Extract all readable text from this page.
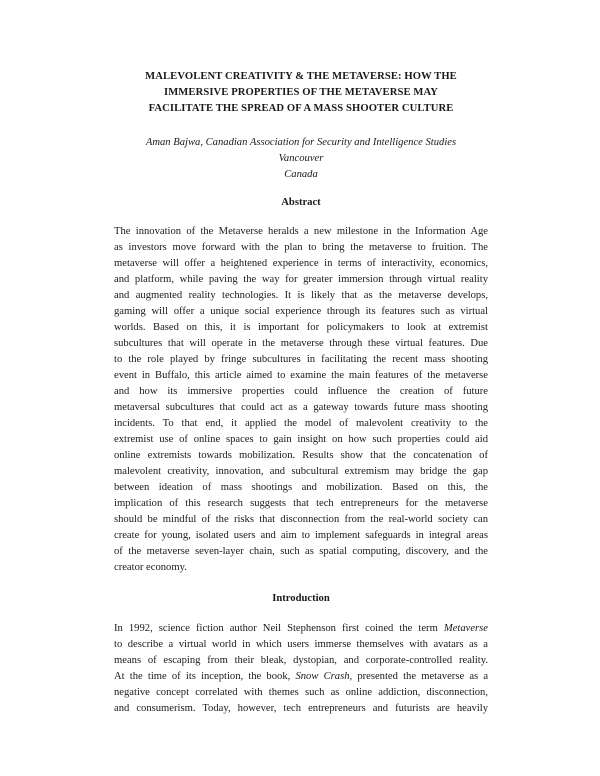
MALEVOLENT CREATIVITY & THE METAVERSE: HOW THE
IMMERSIVE PROPERTIES OF THE METAVERSE MAY
FACILITATE THE SPREAD OF A MASS SHOOTER CULTURE
Aman Bajwa, Canadian Association for Security and Intelligence Studies
Vancouver
Canada
Abstract
The innovation of the Metaverse heralds a new milestone in the Information Age
as investors move forward with the plan to bring the metaverse to fruition. The
metaverse will offer a heightened experience in terms of interactivity, economics,
and platform, while paving the way for greater immersion through virtual reality
and augmented reality technologies. It is likely that as the metaverse develops,
gaming will offer a unique social experience through its features such as virtual
worlds. Based on this, it is important for policymakers to look at extremist
subcultures that will operate in the metaverse through these virtual features. Due
to the role played by fringe subcultures in facilitating the recent mass shooting
event in Buffalo, this article aimed to examine the main features of the metaverse
and how its immersive properties could influence the creation of future
metaversal subcultures that could act as a gateway towards future mass shooting
incidents. To that end, it applied the model of malevolent creativity to the
extremist use of online spaces to gain insight on how such properties could aid
online extremists towards mobilization. Results show that the concatenation of
malevolent creativity, innovation, and subcultural extremism may bridge the gap
between ideation of mass shootings and mobilization. Based on this, the
implication of this research suggests that tech entrepreneurs for the metaverse
should be mindful of the risks that disconnection from the real-world society can
create for young, isolated users and aim to implement safeguards in integral areas
of the metaverse seven-layer chain, such as spatial computing, discovery, and the
creator economy.
Introduction
In 1992, science fiction author Neil Stephenson first coined the term Metaverse
to describe a virtual world in which users immerse themselves with avatars as a
means of escaping from their bleak, dystopian, and corporate-controlled reality.
At the time of its inception, the book, Snow Crash, presented the metaverse as a
negative concept correlated with themes such as online addiction, disconnection,
and consumerism. Today, however, tech entrepreneurs and futurists are heavily
